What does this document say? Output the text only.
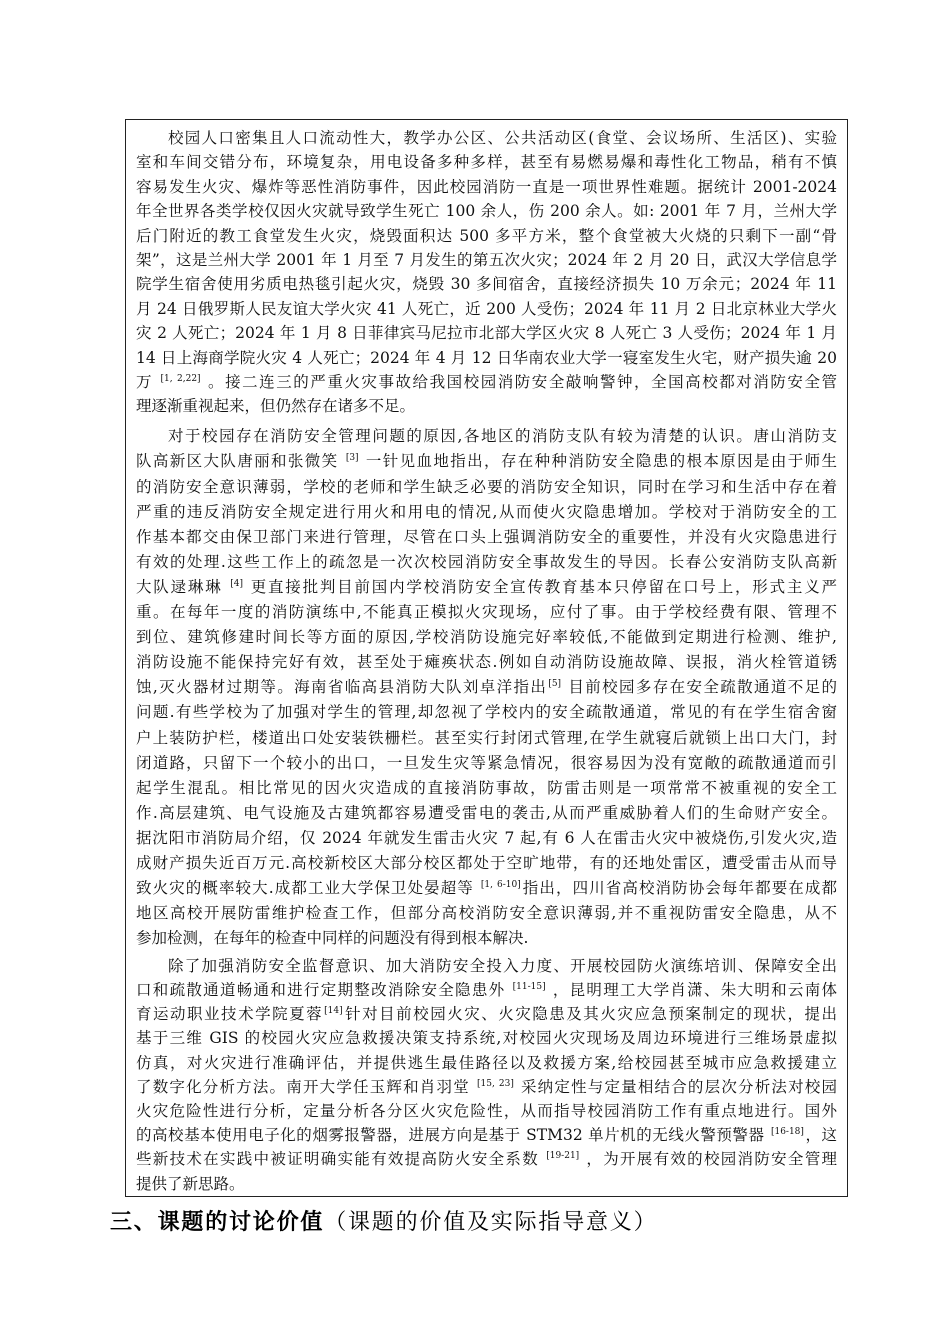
校园人口密集且人口流动性大，教学办公区、公共活动区(食堂、会议场所、生活区)、实验
室和车间交错分布，环境复杂，用电设备多种多样，甚至有易燃易爆和毒性化工物品，稍有不慎
容易发生火灾、爆炸等恶性消防事件，因此校园消防一直是一项世界性难题。据统计 2001-2024
年全世界各类学校仅因火灾就导致学生死亡 100 余人，伤 200 余人。如: 2001 年 7 月，兰州大学
后门附近的教工食堂发生火灾，烧毁面积达 500 多平方米，整个食堂被大火烧的只剩下一副“骨
架”，这是兰州大学 2001 年 1 月至 7 月发生的第五次火灾；2024 年 2 月 20 日，武汉大学信息学
院学生宿舍使用劣质电热毯引起火灾，烧毁 30 多间宿舍，直接经济损失 10 万余元；2024 年 11
月 24 日俄罗斯人民友谊大学火灾 41 人死亡，近 200 人受伤；2024 年 11 月 2 日北京林业大学火
灾 2 人死亡；2024 年 1 月 8 日菲律宾马尼拉市北部大学区火灾 8 人死亡 3 人受伤；2024 年 1 月
14 日上海商学院火灾 4 人死亡；2024 年 4 月 12 日华南农业大学一寝室发生火宅，财产损失逾 20
万 [1, 2,22] 。接二连三的严重火灾事故给我国校园消防安全敲响警钟，全国高校都对消防安全管
理逐渐重视起来，但仍然存在诸多不足。
对于校园存在消防安全管理问题的原因,各地区的消防支队有较为清楚的认识。唐山消防支
队高新区大队唐丽和张微笑 [3] 一针见血地指出，存在种种消防安全隐患的根本原因是由于师生
的消防安全意识薄弱，学校的老师和学生缺乏必要的消防安全知识，同时在学习和生活中存在着
严重的违反消防安全规定进行用火和用电的情况,从而使火灾隐患增加。学校对于消防安全的工
作基本都交由保卫部门来进行管理，尽管在口头上强调消防安全的重要性，并没有火灾隐患进行
有效的处理.这些工作上的疏忽是一次次校园消防安全事故发生的导因。长春公安消防支队高新
大队逯琳琳 [4] 更直接批判目前国内学校消防安全宣传教育基本只停留在口号上，形式主义严
重。在每年一度的消防演练中,不能真正模拟火灾现场，应付了事。由于学校经费有限、管理不
到位、建筑修建时间长等方面的原因,学校消防设施完好率较低,不能做到定期进行检测、维护,
消防设施不能保持完好有效，甚至处于瘫痪状态.例如自动消防设施故障、误报，消火栓管道锈
蚀,灭火器材过期等。海南省临高县消防大队刘卓洋指出[5] 目前校园多存在安全疏散通道不足的
问题.有些学校为了加强对学生的管理,却忽视了学校内的安全疏散通道，常见的有在学生宿舍窗
户上装防护栏，楼道出口处安装铁栅栏。甚至实行封闭式管理,在学生就寝后就锁上出口大门，封
闭道路，只留下一个较小的出口，一旦发生灾等紧急情况，很容易因为没有宽敞的疏散通道而引
起学生混乱。相比常见的因火灾造成的直接消防事故，防雷击则是一项常常不被重视的安全工
作.高层建筑、电气设施及古建筑都容易遭受雷电的袭击,从而严重威胁着人们的生命财产安全。
据沈阳市消防局介绍，仅 2024 年就发生雷击火灾 7 起,有 6 人在雷击火灾中被烧伤,引发火灾,造
成财产损失近百万元.高校新校区大部分校区都处于空旷地带，有的还地处雷区，遭受雷击从而导
致火灾的概率较大.成都工业大学保卫处晏超等 [1, 6-10]指出，四川省高校消防协会每年都要在成都
地区高校开展防雷维护检查工作，但部分高校消防安全意识薄弱,并不重视防雷安全隐患，从不
参加检测，在每年的检查中同样的问题没有得到根本解决.
除了加强消防安全监督意识、加大消防安全投入力度、开展校园防火演练培训、保障安全出
口和疏散通道畅通和进行定期整改消除安全隐患外 [11-15] ，昆明理工大学肖潇、朱大明和云南体
育运动职业技术学院夏蓉[14]针对目前校园火灾、火灾隐患及其火灾应急预案制定的现状，提出
基于三维 GIS 的校园火灾应急救援决策支持系统,对校园火灾现场及周边环境进行三维场景虚拟
仿真，对火灾进行准确评估，并提供逃生最佳路径以及救援方案,给校园甚至城市应急救援建立
了数字化分析方法。南开大学任玉辉和肖羽堂 [15, 23] 采纳定性与定量相结合的层次分析法对校园
火灾危险性进行分析，定量分析各分区火灾危险性，从而指导校园消防工作有重点地进行。国外
的高校基本使用电子化的烟雾报警器，进展方向是基于 STM32 单片机的无线火警预警器 [16-18]，这
些新技术在实践中被证明确实能有效提高防火安全系数 [19-21] ，为开展有效的校园消防安全管理
提供了新思路。
三、课题的讨论价值（课题的价值及实际指导意义）
